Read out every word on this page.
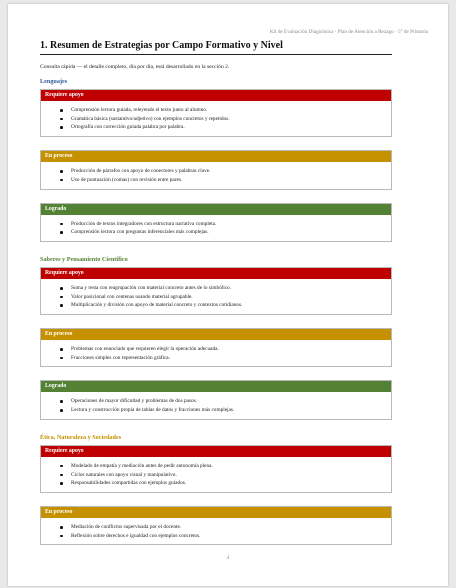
Kit de Evaluación Diagnóstica · Plan de Atención a Rezago · 5° de Primaria
1. Resumen de Estrategias por Campo Formativo y Nivel

Consulta rápida — el detalle completo, día por día, está desarrollado en la sección 2.

Lenguajes
Requiere apoyo
Comprensión lectora guiada, releyendo el texto junto al alumno.
Gramática básica (sustantivo/adjetivo) con ejemplos concretos y repetidos.
Ortografía con corrección guiada palabra por palabra.
En proceso
Producción de párrafos con apoyo de conectores y palabras clave.
Uso de puntuación (comas) con revisión entre pares.
Logrado
Producción de textos integradores con estructura narrativa completa.
Comprensión lectora con preguntas inferenciales más complejas.
Saberes y Pensamiento Científico
Requiere apoyo
Suma y resta con reagrupación con material concreto antes de lo simbólico.
Valor posicional con centenas usando material agrupable.
Multiplicación y división con apoyo de material concreto y contextos cotidianos.
En proceso
Problemas con enunciado que requieren elegir la operación adecuada.
Fracciones simples con representación gráfica.
Logrado
Operaciones de mayor dificultad y problemas de dos pasos.
Lectura y construcción propia de tablas de datos y fracciones más complejas.
Ética, Naturaleza y Sociedades
Requiere apoyo
Modelado de empatía y mediación antes de pedir autonomía plena.
Ciclos naturales con apoyo visual y manipulativo.
Responsabilidades compartidas con ejemplos guiados.
En proceso
Mediación de conflictos supervisada por el docente.
Reflexión sobre derechos e igualdad con ejemplos concretos.
4
